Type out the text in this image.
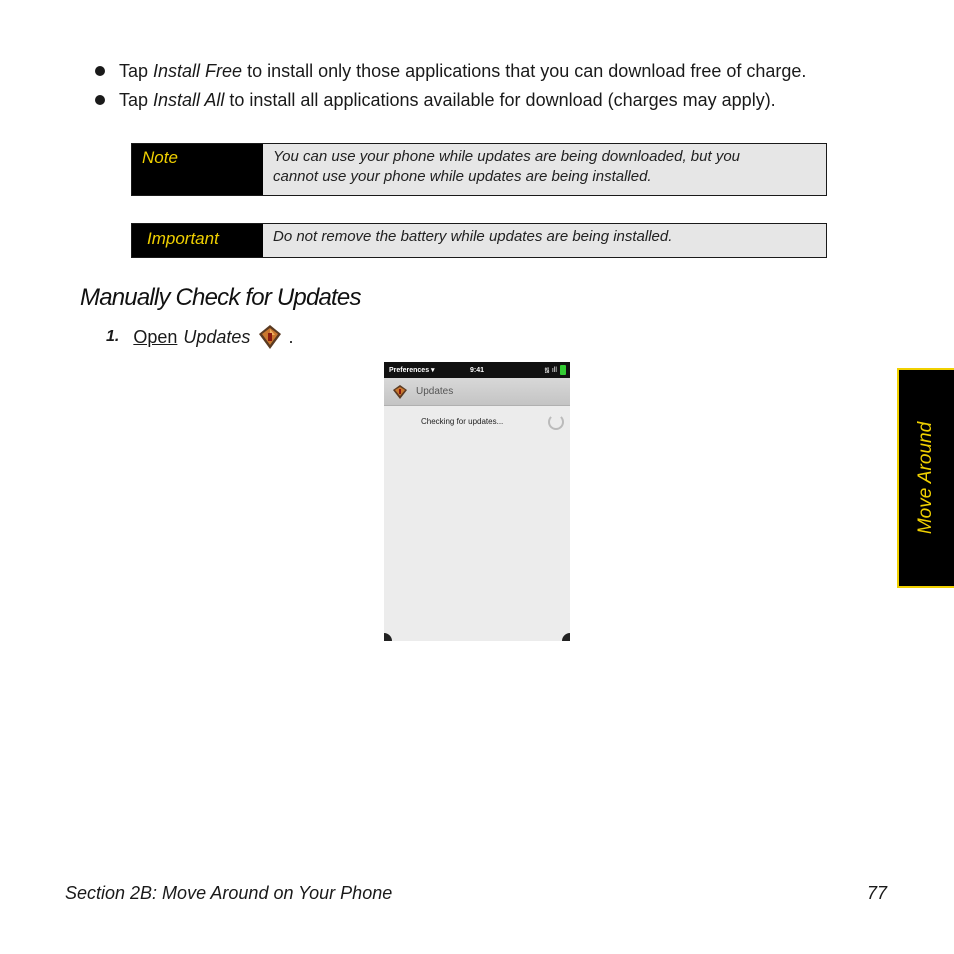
Tap Install Free to install only those applications that you can download free of charge.
Tap Install All to install all applications available for download (charges may apply).
Note	You can use your phone while updates are being downloaded, but you
cannot use your phone while updates are being installed.
Important	Do not remove the battery while updates are being installed.
Manually Check for Updates
1. Open Updates .
Preferences ▾	9:41	᯾ ıll
Updates
Checking for updates...
Move Around
Section 2B: Move Around on Your Phone	77
